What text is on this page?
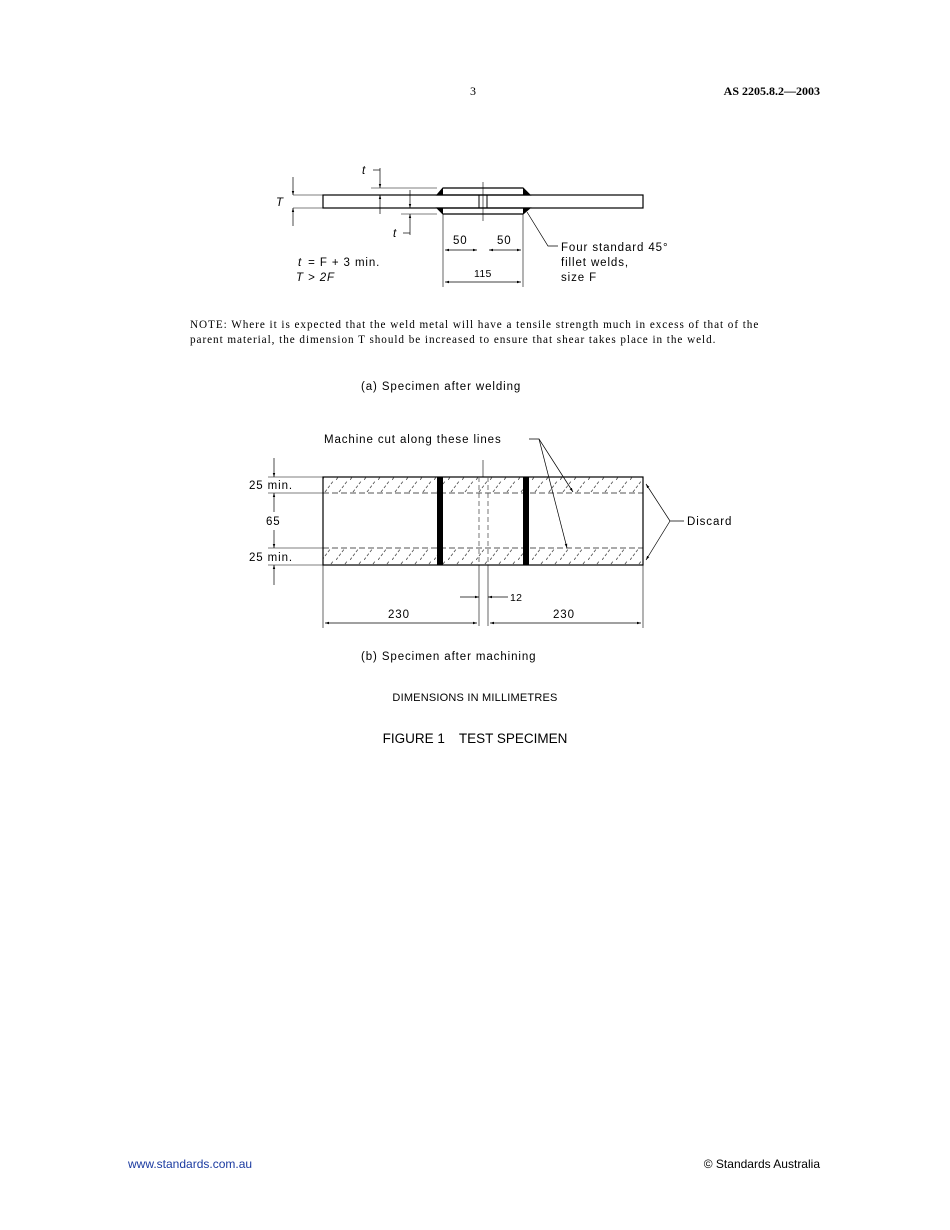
3	AS 2205.8.2—2003
T
t
t
50	50
115
t = F + 3 min.
T > 2F
Four standard 45°
fillet welds,
size F
Machine cut along these lines
Discard
25 min.
65
25 min.
12
230	230
NOTE: Where it is expected that the weld metal will have a tensile strength much in excess of that of the parent material, the dimension T should be increased to ensure that shear takes place in the weld.
(a) Specimen after welding
(b) Specimen after machining
DIMENSIONS IN MILLIMETRES
FIGURE 1 TEST SPECIMEN
www.standards.com.au	© Standards Australia
